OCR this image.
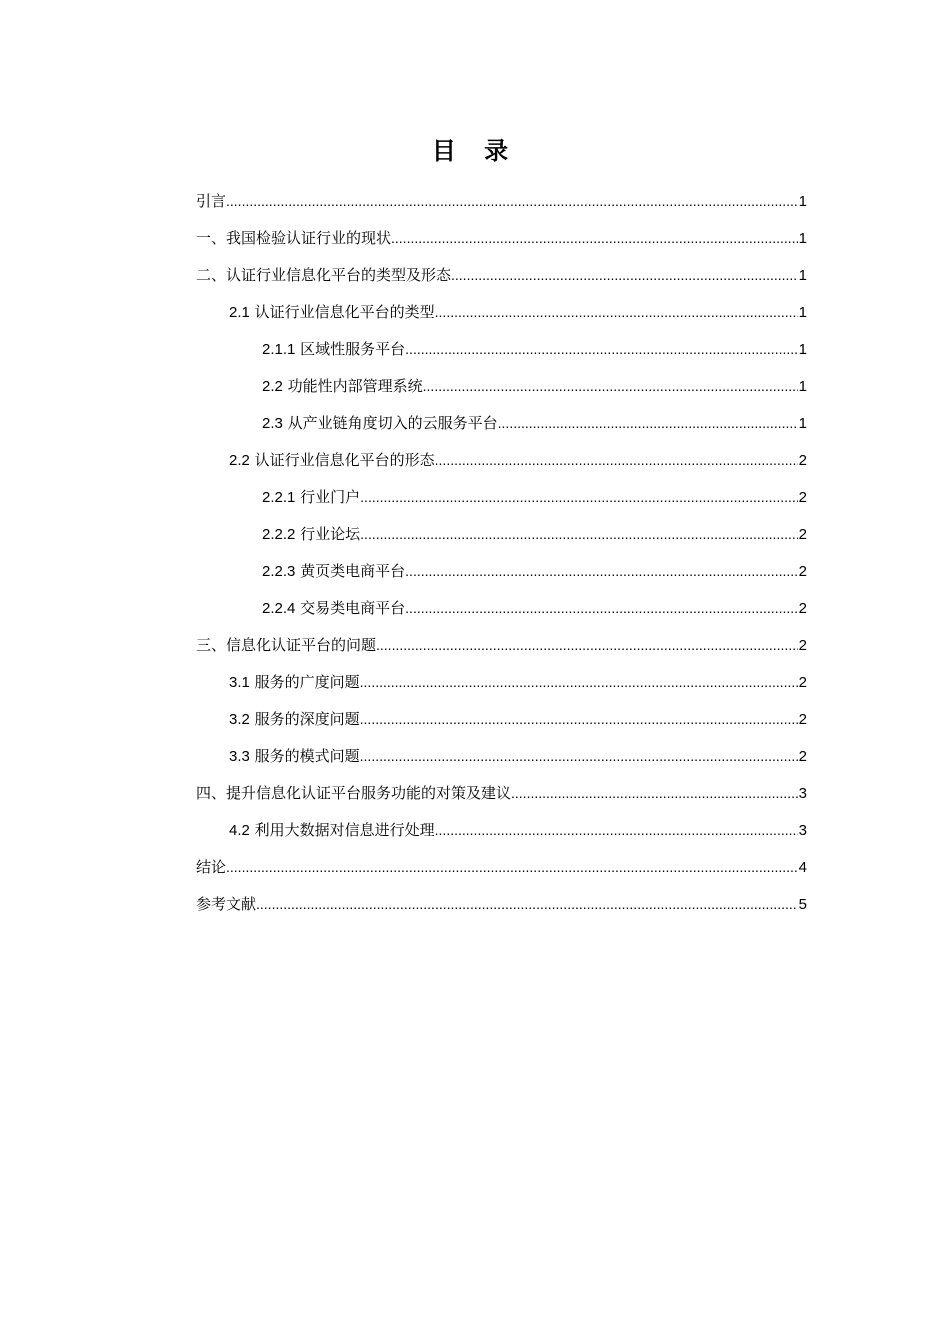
目 录
引言 .....	1
一、我国检验认证行业的现状 .....	1
二、认证行业信息化平台的类型及形态 .....	1
2.1 认证行业信息化平台的类型 .....	1
2.1.1 区域性服务平台 .....	1
2.2 功能性内部管理系统 .....	1
2.3 从产业链角度切入的云服务平台 .....	1
2.2 认证行业信息化平台的形态 .....	2
2.2.1 行业门户 .....	2
2.2.2 行业论坛 .....	2
2.2.3 黄页类电商平台 .....	2
2.2.4 交易类电商平台 .....	2
三、信息化认证平台的问题 .....	2
3.1 服务的广度问题 .....	2
3.2 服务的深度问题 .....	2
3.3 服务的模式问题 .....	2
四、提升信息化认证平台服务功能的对策及建议 .....	3
4.2 利用大数据对信息进行处理 .....	3
结论 .....	4
参考文献 .....	5
